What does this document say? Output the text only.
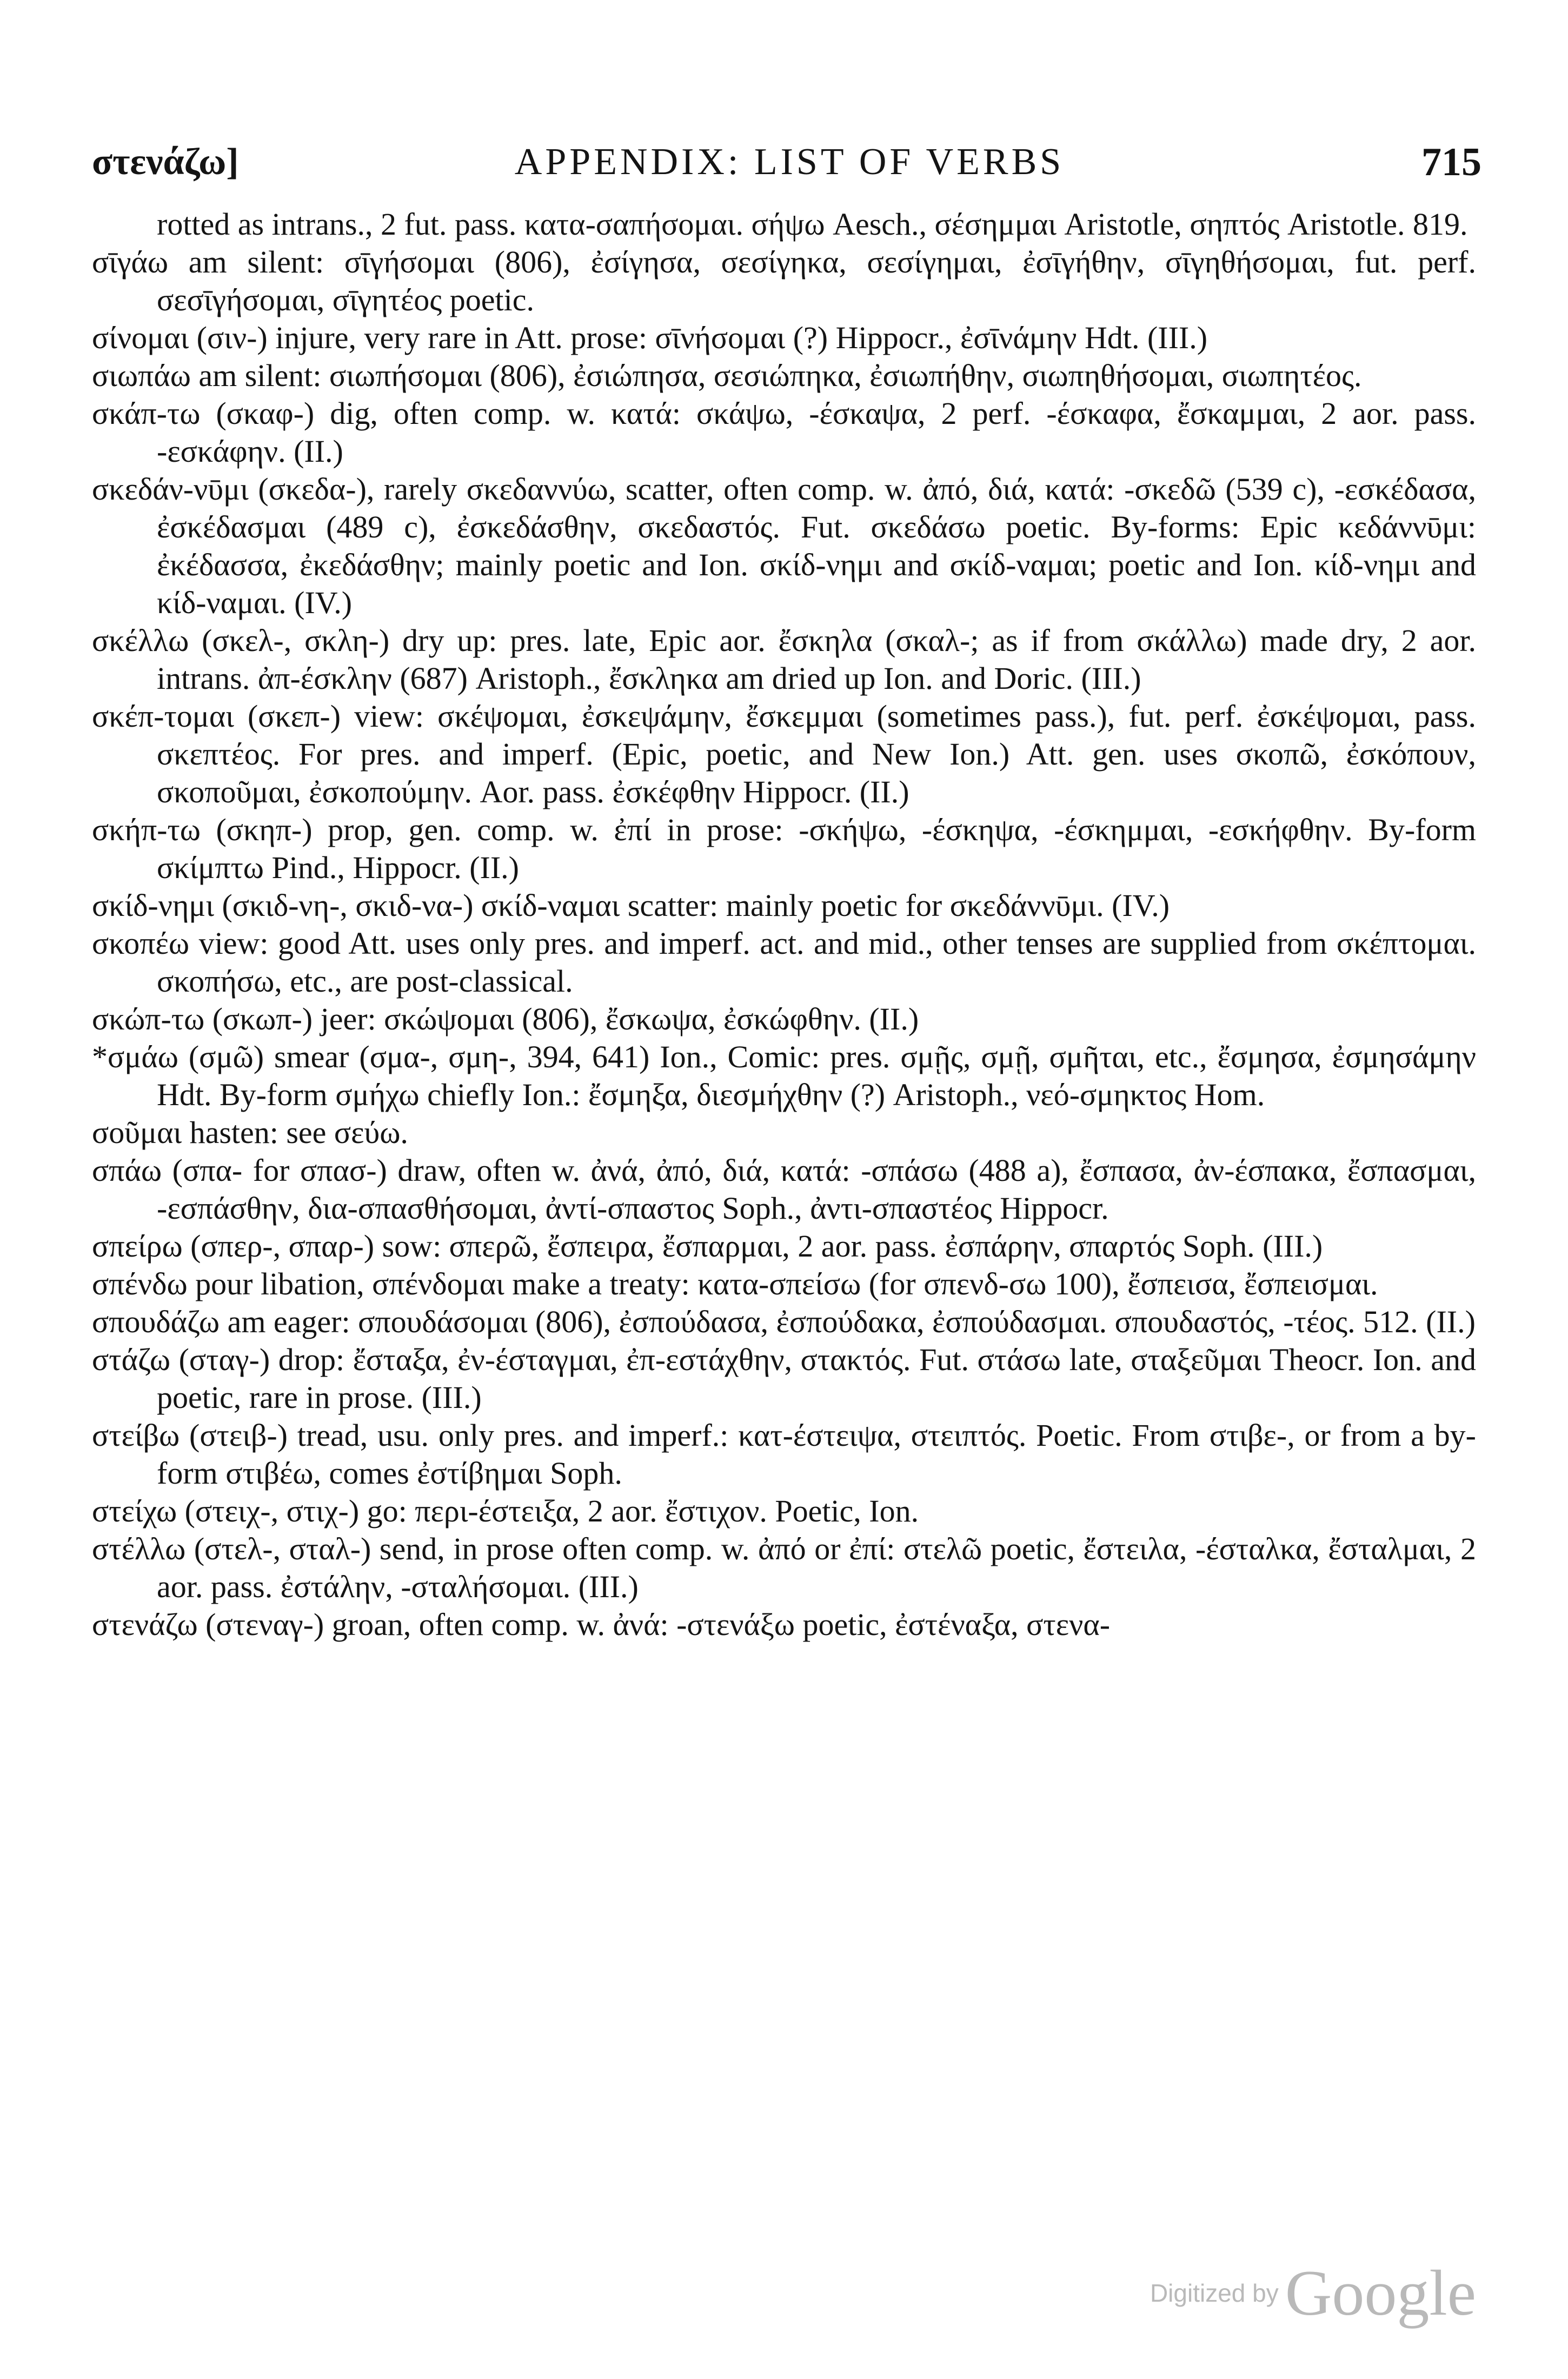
στενάζω]	APPENDIX: LIST OF VERBS	715

rotted as intrans., 2 fut. pass. κατα-σαπήσομαι. σήψω Aesch., σέσημμαι Aristotle, σηπτός Aristotle. 819.

σῑγάω am silent: σῑγήσομαι (806), ἐσίγησα, σεσίγηκα, σεσίγημαι, ἐσῑγήθην, σῑγηθήσομαι, fut. perf. σεσῑγήσομαι, σῑγητέος poetic.

σίνομαι (σιν-) injure, very rare in Att. prose: σῑνήσομαι (?) Hippocr., ἐσῑνάμην Hdt. (III.)

σιωπάω am silent: σιωπήσομαι (806), ἐσιώπησα, σεσιώπηκα, ἐσιωπήθην, σιωπηθήσομαι, σιωπητέος.

σκάπ-τω (σκαφ-) dig, often comp. w. κατά: σκάψω, -έσκαψα, 2 perf. -έσκαφα, ἔσκαμμαι, 2 aor. pass. -εσκάφην. (II.)

σκεδάν-νῡμι (σκεδα-), rarely σκεδαννύω, scatter, often comp. w. ἀπό, διά, κατά: -σκεδῶ (539 c), -εσκέδασα, ἐσκέδασμαι (489 c), ἐσκεδάσθην, σκεδαστός. Fut. σκεδάσω poetic. By-forms: Epic κεδάννῡμι: ἐκέδασσα, ἐκεδάσθην; mainly poetic and Ion. σκίδ-νημι and σκίδ-ναμαι; poetic and Ion. κίδ-νημι and κίδ-ναμαι. (IV.)

σκέλλω (σκελ-, σκλη-) dry up: pres. late, Epic aor. ἔσκηλα (σκαλ-; as if from σκάλλω) made dry, 2 aor. intrans. ἀπ-έσκλην (687) Aristoph., ἔσκληκα am dried up Ion. and Doric. (III.)

σκέπ-τομαι (σκεπ-) view: σκέψομαι, ἐσκεψάμην, ἔσκεμμαι (sometimes pass.), fut. perf. ἐσκέψομαι, pass. σκεπτέος. For pres. and imperf. (Epic, poetic, and New Ion.) Att. gen. uses σκοπῶ, ἐσκόπουν, σκοποῦμαι, ἐσκοπούμην. Aor. pass. ἐσκέφθην Hippocr. (II.)

σκήπ-τω (σκηπ-) prop, gen. comp. w. ἐπί in prose: -σκήψω, -έσκηψα, -έσκημμαι, -εσκήφθην. By-form σκίμπτω Pind., Hippocr. (II.)

σκίδ-νημι (σκιδ-νη-, σκιδ-να-) σκίδ-ναμαι scatter: mainly poetic for σκεδάννῡμι. (IV.)

σκοπέω view: good Att. uses only pres. and imperf. act. and mid., other tenses are supplied from σκέπτομαι. σκοπήσω, etc., are post-classical.

σκώπ-τω (σκωπ-) jeer: σκώψομαι (806), ἔσκωψα, ἐσκώφθην. (II.)

*σμάω (σμῶ) smear (σμα-, σμη-, 394, 641) Ion., Comic: pres. σμῇς, σμῇ, σμῆται, etc., ἔσμησα, ἐσμησάμην Hdt. By-form σμήχω chiefly Ion.: ἔσμηξα, διεσμήχθην (?) Aristoph., νεό-σμηκτος Hom.

σοῦμαι hasten: see σεύω.

σπάω (σπα- for σπασ-) draw, often w. ἀνά, ἀπό, διά, κατά: -σπάσω (488 a), ἔσπασα, ἀν-έσπακα, ἔσπασμαι, -εσπάσθην, δια-σπασθήσομαι, ἀντί-σπαστος Soph., ἀντι-σπαστέος Hippocr.

σπείρω (σπερ-, σπαρ-) sow: σπερῶ, ἔσπειρα, ἔσπαρμαι, 2 aor. pass. ἐσπάρην, σπαρτός Soph. (III.)

σπένδω pour libation, σπένδομαι make a treaty: κατα-σπείσω (for σπενδ-σω 100), ἔσπεισα, ἔσπεισμαι.

σπουδάζω am eager: σπουδάσομαι (806), ἐσπούδασα, ἐσπούδακα, ἐσπούδασμαι. σπουδαστός, -τέος. 512. (II.)

στάζω (σταγ-) drop: ἔσταξα, ἐν-έσταγμαι, ἐπ-εστάχθην, στακτός. Fut. στάσω late, σταξεῦμαι Theocr. Ion. and poetic, rare in prose. (III.)

στείβω (στειβ-) tread, usu. only pres. and imperf.: κατ-έστειψα, στειπτός. Poetic. From στιβε-, or from a by-form στιβέω, comes ἐστίβημαι Soph.

στείχω (στειχ-, στιχ-) go: περι-έστειξα, 2 aor. ἔστιχον. Poetic, Ion.

στέλλω (στελ-, σταλ-) send, in prose often comp. w. ἀπό or ἐπί: στελῶ poetic, ἔστειλα, -έσταλκα, ἔσταλμαι, 2 aor. pass. ἐστάλην, -σταλήσομαι. (III.)

στενάζω (στεναγ-) groan, often comp. w. ἀνά: -στενάξω poetic, ἐστέναξα, στενα-

Digitized by Google
